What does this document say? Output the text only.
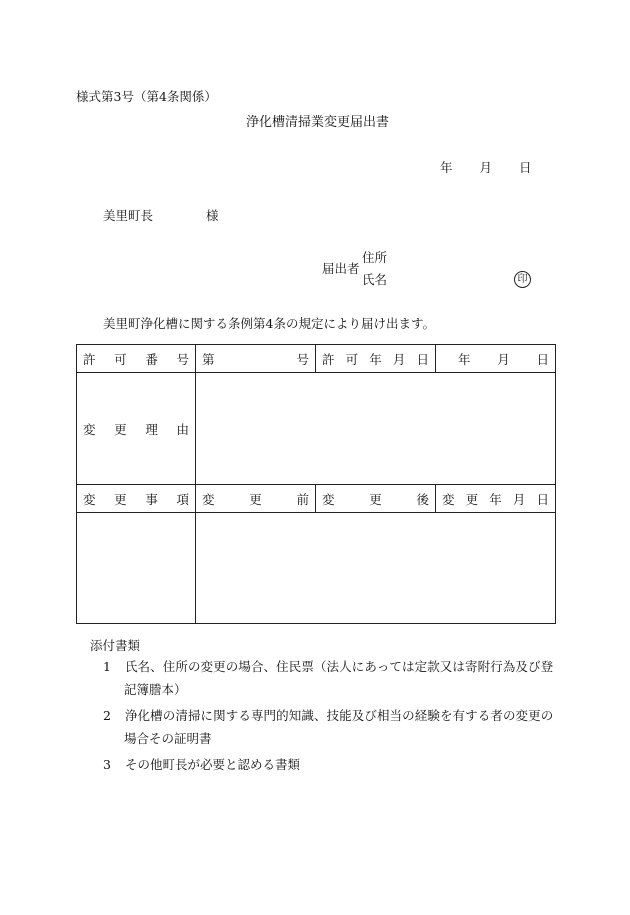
様式第3号（第4条関係）
浄化槽清掃業変更届出書
年 月 日
美里町長	様
届出者
住所
氏名	印
美里町浄化槽に関する条例第4条の規定により届け出ます。
許 可 番 号	第 号	許 可 年 月 日	年 月 日

変 更 理 由			

変 更 事 項	変 更 前	変 更 後	変 更 年 月 日

添付書類
1 氏名、住所の変更の場合、住民票（法人にあっては定款又は寄附行為及び登
記簿謄本）
2 浄化槽の清掃に関する専門的知識、技能及び相当の経験を有する者の変更の
場合その証明書
3 その他町長が必要と認める書類
